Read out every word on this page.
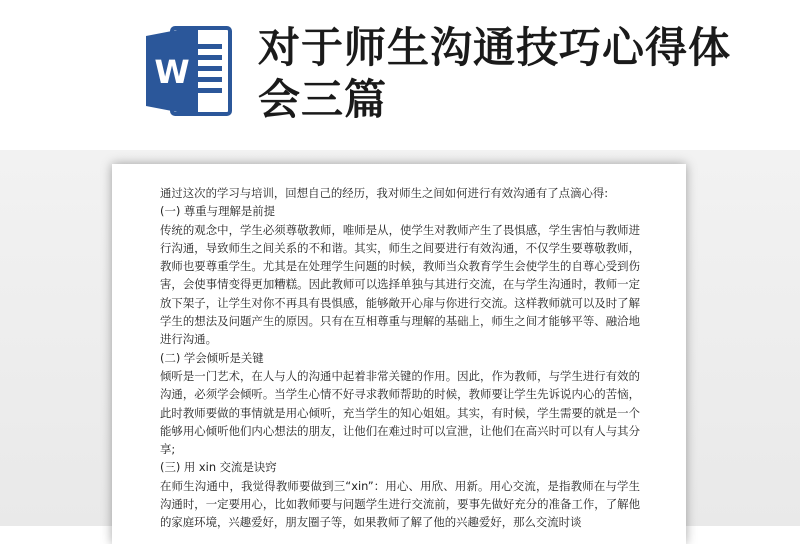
W 对于师生沟通技巧心得体会三篇

通过这次的学习与培训，回想自己的经历，我对师生之间如何进行有效沟通有了点滴心得:

(一) 尊重与理解是前提

传统的观念中，学生必须尊敬教师，唯师是从，使学生对教师产生了畏惧感，学生害怕与教师进行沟通，导致师生之间关系的不和谐。其实，师生之间要进行有效沟通，不仅学生要尊敬教师，教师也要尊重学生。尤其是在处理学生问题的时候，教师当众教育学生会使学生的自尊心受到伤害，会使事情变得更加糟糕。因此教师可以选择单独与其进行交流，在与学生沟通时，教师一定放下架子，让学生对你不再具有畏惧感，能够敞开心扉与你进行交流。这样教师就可以及时了解学生的想法及问题产生的原因。只有在互相尊重与理解的基础上，师生之间才能够平等、融洽地进行沟通。

(二) 学会倾听是关键

倾听是一门艺术，在人与人的沟通中起着非常关键的作用。因此，作为教师，与学生进行有效的沟通，必须学会倾听。当学生心情不好寻求教师帮助的时候，教师要让学生先诉说内心的苦恼，此时教师要做的事情就是用心倾听，充当学生的知心姐姐。其实，有时候，学生需要的就是一个能够用心倾听他们内心想法的朋友，让他们在难过时可以宣泄，让他们在高兴时可以有人与其分享;

(三) 用 xin 交流是诀窍

在师生沟通中，我觉得教师要做到三“xin”：用心、用欣、用新。用心交流，是指教师在与学生沟通时，一定要用心，比如教师要与问题学生进行交流前，要事先做好充分的准备工作，了解他的家庭环境，兴趣爱好，朋友圈子等，如果教师了解了他的兴趣爱好，那么交流时谈
